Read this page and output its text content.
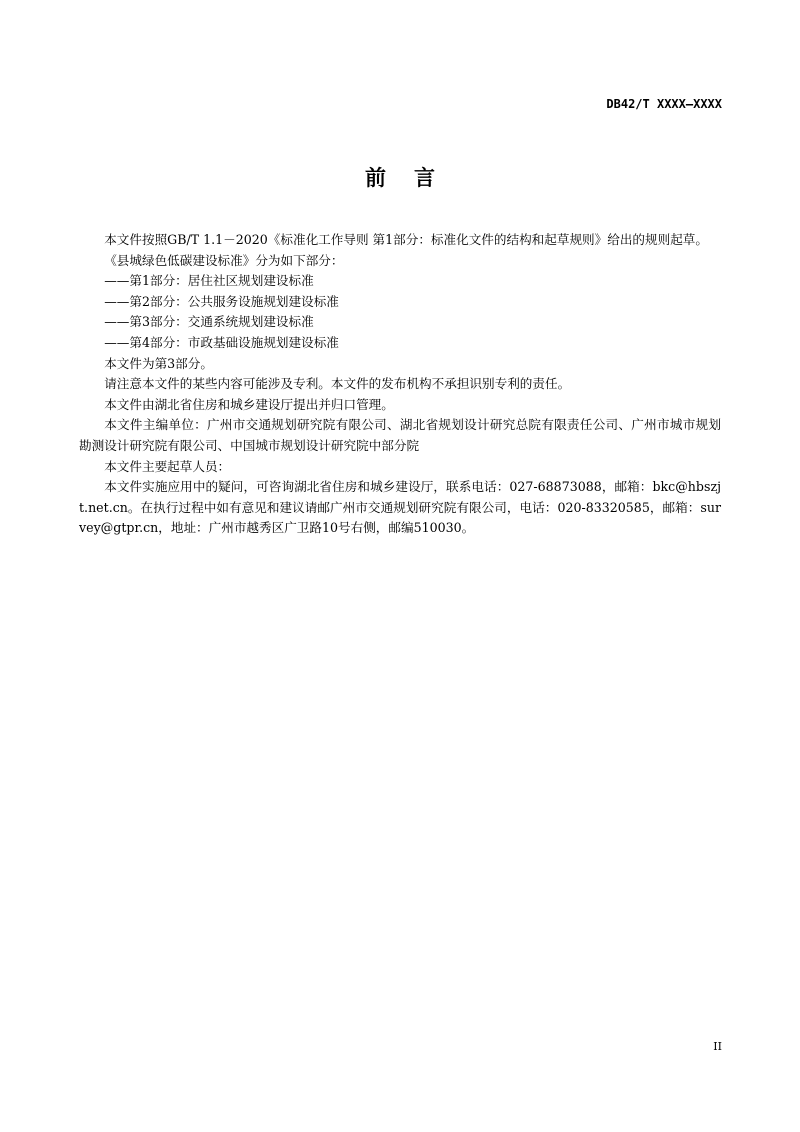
DB42/T XXXX—XXXX
前言

本文件按照GB/T 1.1－2020《标准化工作导则 第1部分：标准化文件的结构和起草规则》给出的规则起草。

《县城绿色低碳建设标准》分为如下部分：

——第1部分：居住社区规划建设标准

——第2部分：公共服务设施规划建设标准

——第3部分：交通系统规划建设标准

——第4部分：市政基础设施规划建设标准

本文件为第3部分。

请注意本文件的某些内容可能涉及专利。本文件的发布机构不承担识别专利的责任。

本文件由湖北省住房和城乡建设厅提出并归口管理。

本文件主编单位：广州市交通规划研究院有限公司、湖北省规划设计研究总院有限责任公司、广州市城市规划勘测设计研究院有限公司、中国城市规划设计研究院中部分院

本文件主要起草人员：

本文件实施应用中的疑问，可咨询湖北省住房和城乡建设厅，联系电话：027-68873088，邮箱：bkc@hbszjt.net.cn。在执行过程中如有意见和建议请邮广州市交通规划研究院有限公司，电话：020-83320585，邮箱：survey@gtpr.cn，地址：广州市越秀区广卫路10号右侧，邮编510030。

II
